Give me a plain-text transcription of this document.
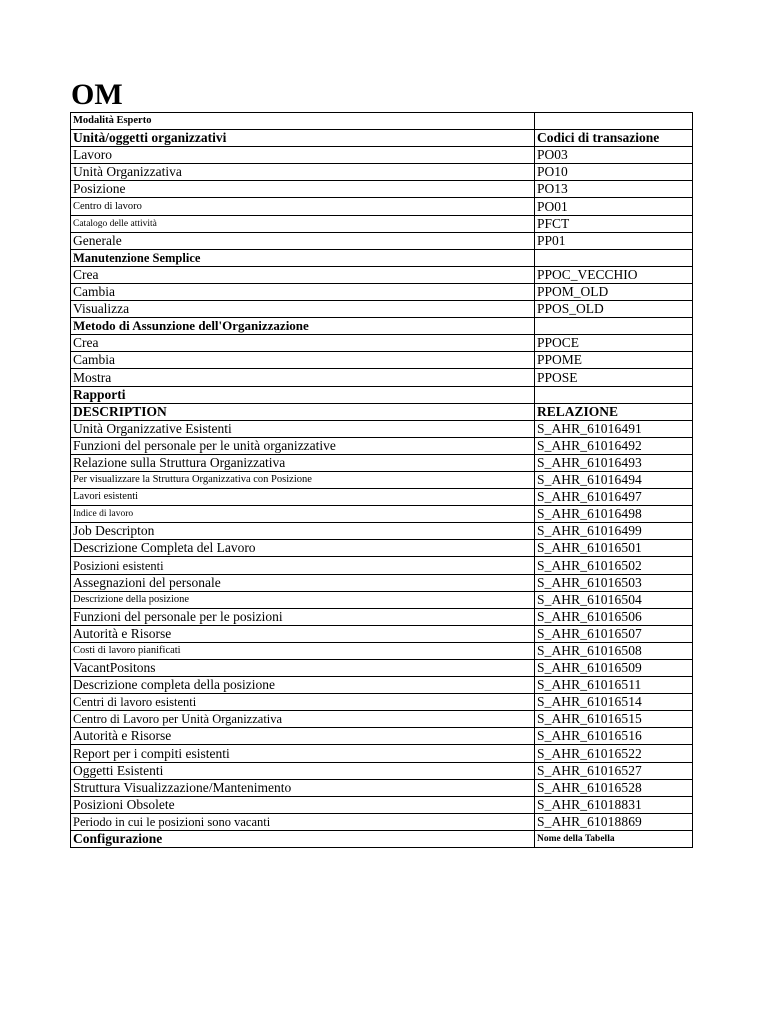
OM
Modalità Esperto	
Unità/oggetti organizzativi	Codici di transazione
Lavoro	PO03
Unità Organizzativa	PO10
Posizione	PO13
Centro di lavoro	PO01
Catalogo delle attività	PFCT
Generale	PP01
Manutenzione Semplice	
Crea	PPOC_VECCHIO
Cambia	PPOM_OLD
Visualizza	PPOS_OLD
Metodo di Assunzione dell'Organizzazione	
Crea	PPOCE
Cambia	PPOME
Mostra	PPOSE
Rapporti	
DESCRIPTION	RELAZIONE
Unità Organizzative Esistenti	S_AHR_61016491
Funzioni del personale per le unità organizzative	S_AHR_61016492
Relazione sulla Struttura Organizzativa	S_AHR_61016493
Per visualizzare la Struttura Organizzativa con Posizione	S_AHR_61016494
Lavori esistenti	S_AHR_61016497
Indice di lavoro	S_AHR_61016498
Job Descripton	S_AHR_61016499
Descrizione Completa del Lavoro	S_AHR_61016501
Posizioni esistenti	S_AHR_61016502
Assegnazioni del personale	S_AHR_61016503
Descrizione della posizione	S_AHR_61016504
Funzioni del personale per le posizioni	S_AHR_61016506
Autorità e Risorse	S_AHR_61016507
Costi di lavoro pianificati	S_AHR_61016508
VacantPositons	S_AHR_61016509
Descrizione completa della posizione	S_AHR_61016511
Centri di lavoro esistenti	S_AHR_61016514
Centro di Lavoro per Unità Organizzativa	S_AHR_61016515
Autorità e Risorse	S_AHR_61016516
Report per i compiti esistenti	S_AHR_61016522
Oggetti Esistenti	S_AHR_61016527
Struttura Visualizzazione/Mantenimento	S_AHR_61016528
Posizioni Obsolete	S_AHR_61018831
Periodo in cui le posizioni sono vacanti	S_AHR_61018869
Configurazione	Nome della Tabella
